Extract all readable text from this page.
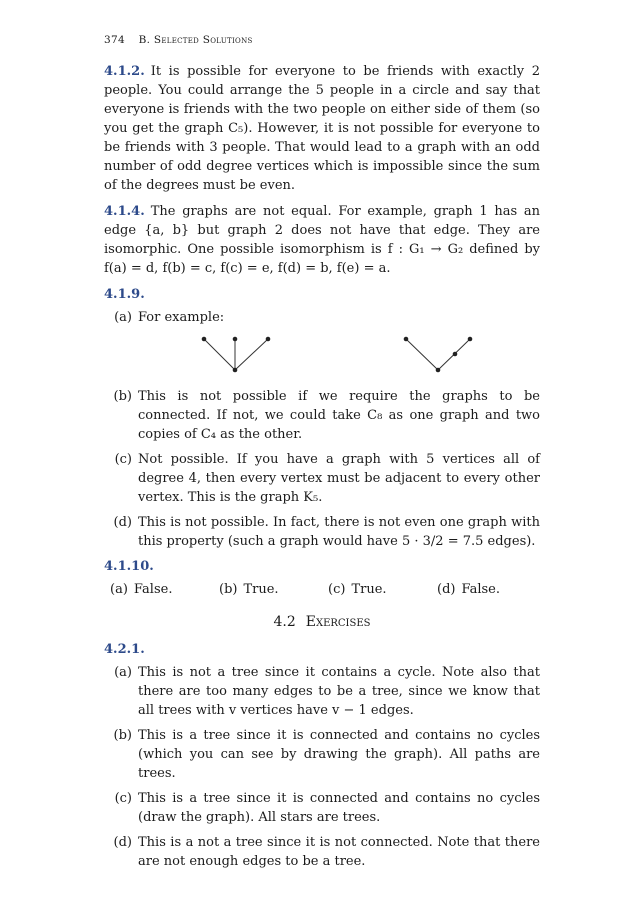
374 B. Selected Solutions

4.1.2. It is possible for everyone to be friends with exactly 2 people. You could arrange the 5 people in a circle and say that everyone is friends with the two people on either side of them (so you get the graph C₅). However, it is not possible for everyone to be friends with 3 people. That would lead to a graph with an odd number of odd degree vertices which is impossible since the sum of the degrees must be even.

4.1.4. The graphs are not equal. For example, graph 1 has an edge {a, b} but graph 2 does not have that edge. They are isomorphic. One possible isomorphism is f : G₁ → G₂ defined by f(a) = d, f(b) = c, f(c) = e, f(d) = b, f(e) = a.

4.1.9.
(a) For example:
(b) This is not possible if we require the graphs to be connected. If not, we could take C₈ as one graph and two copies of C₄ as the other.
(c) Not possible. If you have a graph with 5 vertices all of degree 4, then every vertex must be adjacent to every other vertex. This is the graph K₅.
(d) This is not possible. In fact, there is not even one graph with this property (such a graph would have 5 · 3/2 = 7.5 edges).
4.1.10.
(a) False.	(b) True.	(c) True.	(d) False.
4.2 Exercises
4.2.1.
(a) This is not a tree since it contains a cycle. Note also that there are too many edges to be a tree, since we know that all trees with v vertices have v − 1 edges.
(b) This is a tree since it is connected and contains no cycles (which you can see by drawing the graph). All paths are trees.
(c) This is a tree since it is connected and contains no cycles (draw the graph). All stars are trees.
(d) This is a not a tree since it is not connected. Note that there are not enough edges to be a tree.
